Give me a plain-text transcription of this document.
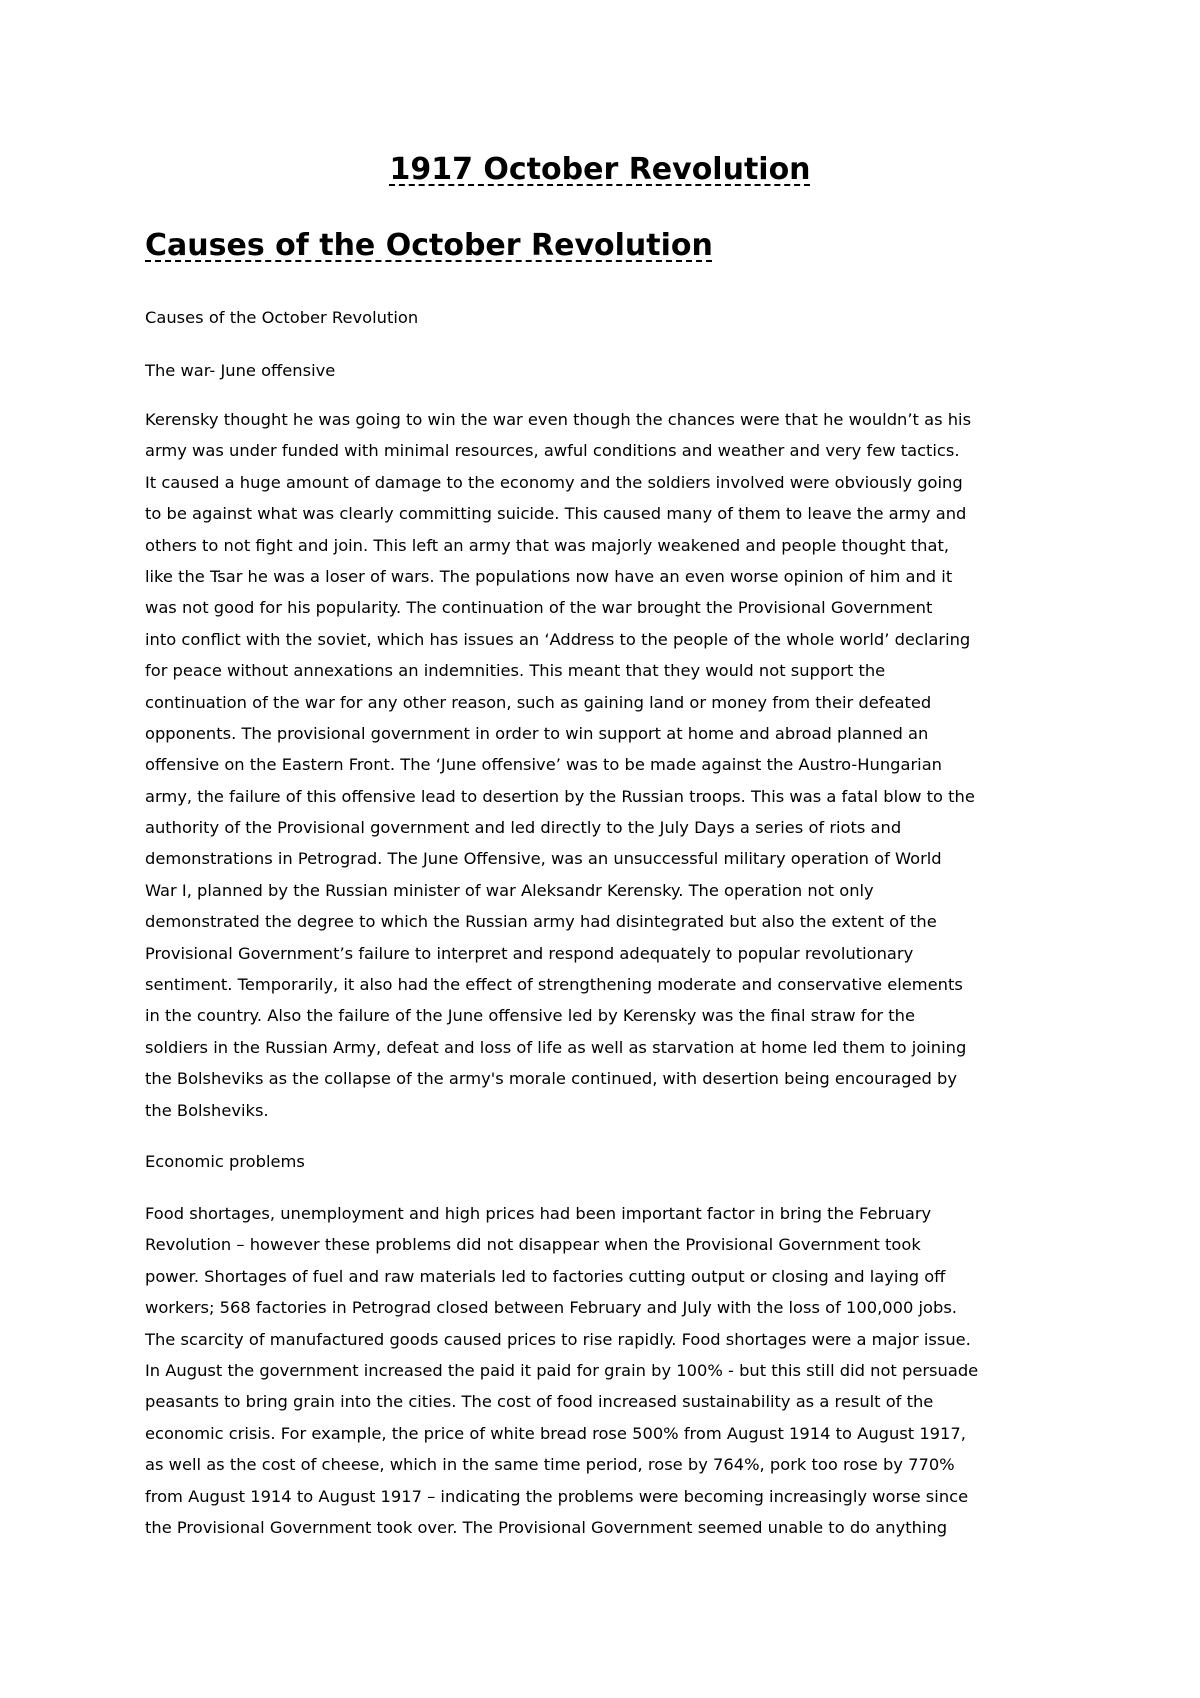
1917 October Revolution
Causes of the October Revolution

Causes of the October Revolution

The war- June offensive

Kerensky thought he was going to win the war even though the chances were that he wouldn’t as his
army was under funded with minimal resources, awful conditions and weather and very few tactics.
It caused a huge amount of damage to the economy and the soldiers involved were obviously going
to be against what was clearly committing suicide. This caused many of them to leave the army and
others to not fight and join. This left an army that was majorly weakened and people thought that,
like the Tsar he was a loser of wars. The populations now have an even worse opinion of him and it
was not good for his popularity. The continuation of the war brought the Provisional Government
into conflict with the soviet, which has issues an ‘Address to the people of the whole world’ declaring
for peace without annexations an indemnities. This meant that they would not support the
continuation of the war for any other reason, such as gaining land or money from their defeated
opponents. The provisional government in order to win support at home and abroad planned an
offensive on the Eastern Front. The ‘June offensive’ was to be made against the Austro-Hungarian
army, the failure of this offensive lead to desertion by the Russian troops. This was a fatal blow to the
authority of the Provisional government and led directly to the July Days a series of riots and
demonstrations in Petrograd. The June Offensive, was an unsuccessful military operation of World
War I, planned by the Russian minister of war Aleksandr Kerensky. The operation not only
demonstrated the degree to which the Russian army had disintegrated but also the extent of the
Provisional Government’s failure to interpret and respond adequately to popular revolutionary
sentiment. Temporarily, it also had the effect of strengthening moderate and conservative elements
in the country. Also the failure of the June offensive led by Kerensky was the final straw for the
soldiers in the Russian Army, defeat and loss of life as well as starvation at home led them to joining
the Bolsheviks as the collapse of the army's morale continued, with desertion being encouraged by
the Bolsheviks.

Economic problems

Food shortages, unemployment and high prices had been important factor in bring the February
Revolution – however these problems did not disappear when the Provisional Government took
power. Shortages of fuel and raw materials led to factories cutting output or closing and laying off
workers; 568 factories in Petrograd closed between February and July with the loss of 100,000 jobs.
The scarcity of manufactured goods caused prices to rise rapidly. Food shortages were a major issue.
In August the government increased the paid it paid for grain by 100% - but this still did not persuade
peasants to bring grain into the cities. The cost of food increased sustainability as a result of the
economic crisis. For example, the price of white bread rose 500% from August 1914 to August 1917,
as well as the cost of cheese, which in the same time period, rose by 764%, pork too rose by 770%
from August 1914 to August 1917 – indicating the problems were becoming increasingly worse since
the Provisional Government took over. The Provisional Government seemed unable to do anything
